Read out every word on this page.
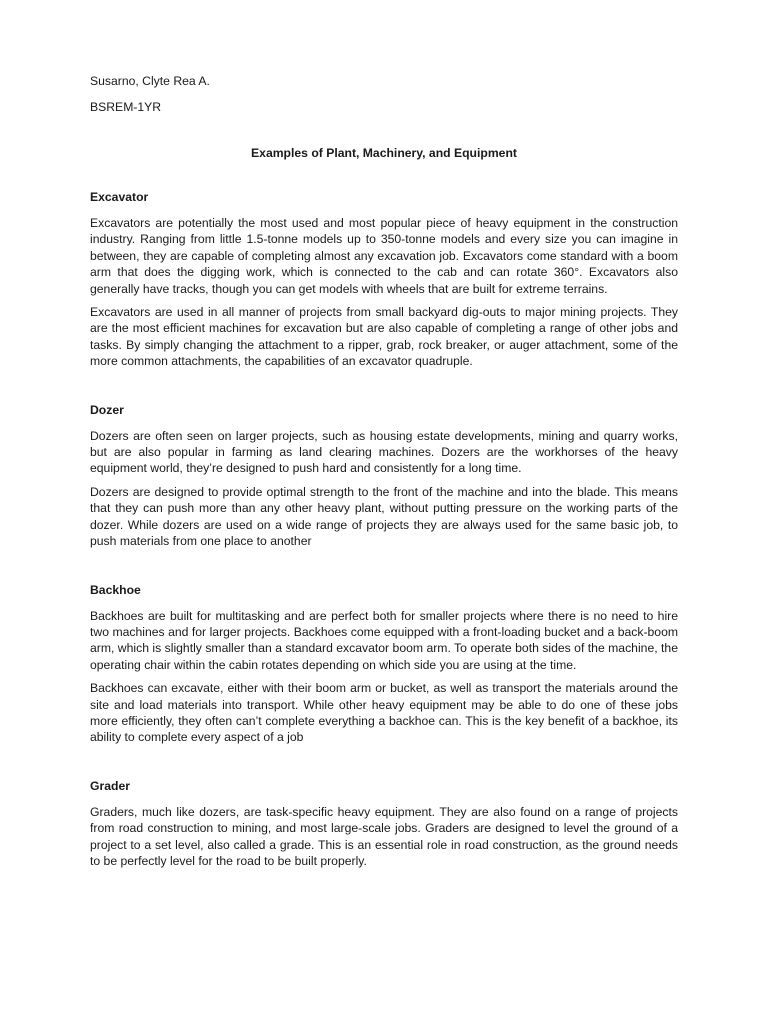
Susarno, Clyte Rea A.

BSREM-1YR

Examples of Plant, Machinery, and Equipment

Excavator

Excavators are potentially the most used and most popular piece of heavy equipment in the construction industry. Ranging from little 1.5-tonne models up to 350-tonne models and every size you can imagine in between, they are capable of completing almost any excavation job. Excavators come standard with a boom arm that does the digging work, which is connected to the cab and can rotate 360°. Excavators also generally have tracks, though you can get models with wheels that are built for extreme terrains.

Excavators are used in all manner of projects from small backyard dig-outs to major mining projects. They are the most efficient machines for excavation but are also capable of completing a range of other jobs and tasks. By simply changing the attachment to a ripper, grab, rock breaker, or auger attachment, some of the more common attachments, the capabilities of an excavator quadruple.

Dozer

Dozers are often seen on larger projects, such as housing estate developments, mining and quarry works, but are also popular in farming as land clearing machines. Dozers are the workhorses of the heavy equipment world, they’re designed to push hard and consistently for a long time.

Dozers are designed to provide optimal strength to the front of the machine and into the blade. This means that they can push more than any other heavy plant, without putting pressure on the working parts of the dozer. While dozers are used on a wide range of projects they are always used for the same basic job, to push materials from one place to another

Backhoe

Backhoes are built for multitasking and are perfect both for smaller projects where there is no need to hire two machines and for larger projects. Backhoes come equipped with a front-loading bucket and a back-boom arm, which is slightly smaller than a standard excavator boom arm. To operate both sides of the machine, the operating chair within the cabin rotates depending on which side you are using at the time.

Backhoes can excavate, either with their boom arm or bucket, as well as transport the materials around the site and load materials into transport. While other heavy equipment may be able to do one of these jobs more efficiently, they often can’t complete everything a backhoe can. This is the key benefit of a backhoe, its ability to complete every aspect of a job

Grader

Graders, much like dozers, are task-specific heavy equipment. They are also found on a range of projects from road construction to mining, and most large-scale jobs. Graders are designed to level the ground of a project to a set level, also called a grade. This is an essential role in road construction, as the ground needs to be perfectly level for the road to be built properly.
